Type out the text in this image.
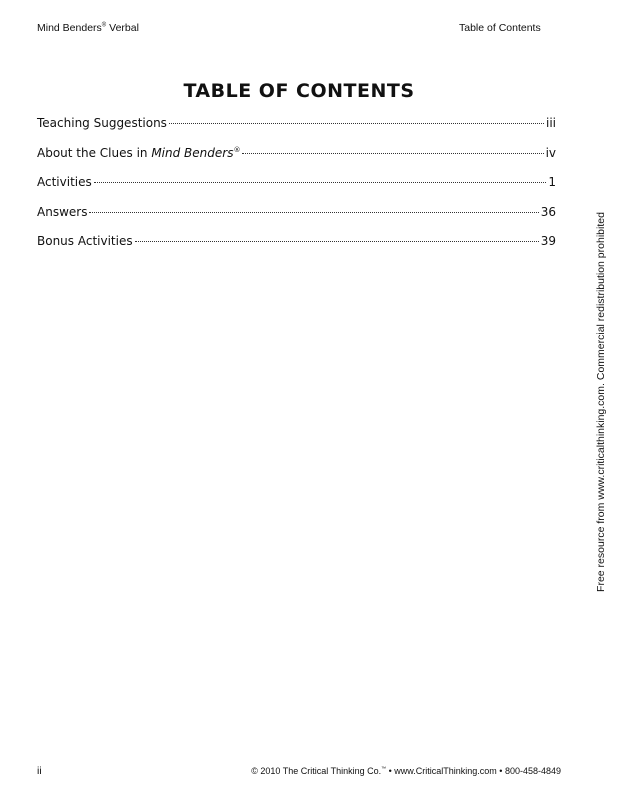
Mind Benders® Verbal	Table of Contents
TABLE OF CONTENTS
Teaching Suggestions	iii
About the Clues in Mind Benders®	iv
Activities	1
Answers	36
Bonus Activities	39	Free resource from www.criticalthinking.com. Commercial redistribution prohibited
ii	© 2010 The Critical Thinking Co.™ • www.CriticalThinking.com • 800-458-4849
